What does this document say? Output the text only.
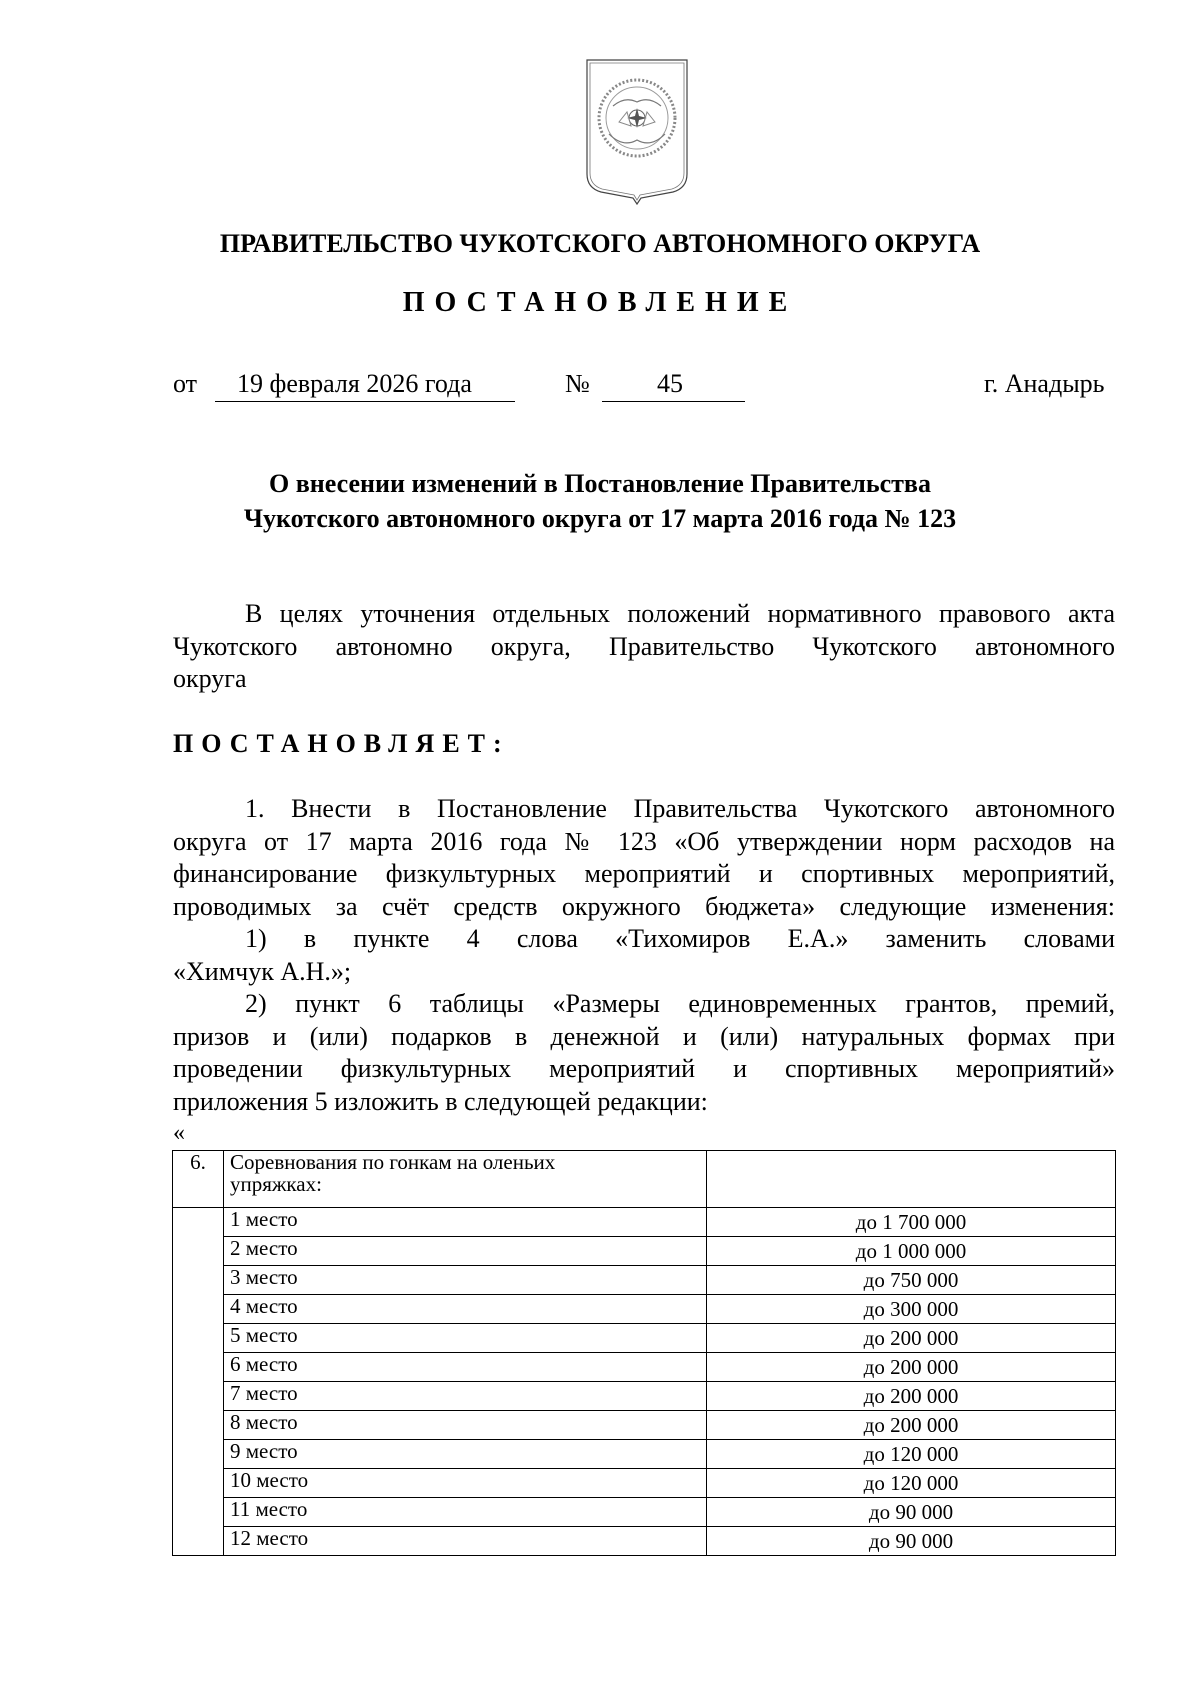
ПРАВИТЕЛЬСТВО ЧУКОТСКОГО АВТОНОМНОГО ОКРУГА
ПОСТАНОВЛЕНИЕ
от 19 февраля 2026 года	№	45	г. Анадырь
О внесении изменений в Постановление Правительства
Чукотского автономного округа от 17 марта 2016 года № 123
В целях уточнения отдельных положений нормативного правового акта
Чукотского автономно округа, Правительство Чукотского автономного
округа
ПОСТАНОВЛЯЕТ:
1. Внести в Постановление Правительства Чукотского автономного
округа от 17 марта 2016 года № 123 «Об утверждении норм расходов на
финансирование физкультурных мероприятий и спортивных мероприятий,
проводимых за счёт средств окружного бюджета» следующие изменения:
1) в пункте 4 слова «Тихомиров Е.А.» заменить словами
«Химчук А.Н.»;
2) пункт 6 таблицы «Размеры единовременных грантов, премий,
призов и (или) подарков в денежной и (или) натуральных формах при
проведении физкультурных мероприятий и спортивных мероприятий»
приложения 5 изложить в следующей редакции:
«
6.	Соревнования по гонкам на оленьих
упряжках:	

	1 место	до 1 700 000
	2 место	до 1 000 000
	3 место	до 750 000
	4 место	до 300 000
	5 место	до 200 000
	6 место	до 200 000
	7 место	до 200 000
	8 место	до 200 000
	9 место	до 120 000
	10 место	до 120 000
	11 место	до 90 000
	12 место	до 90 000
